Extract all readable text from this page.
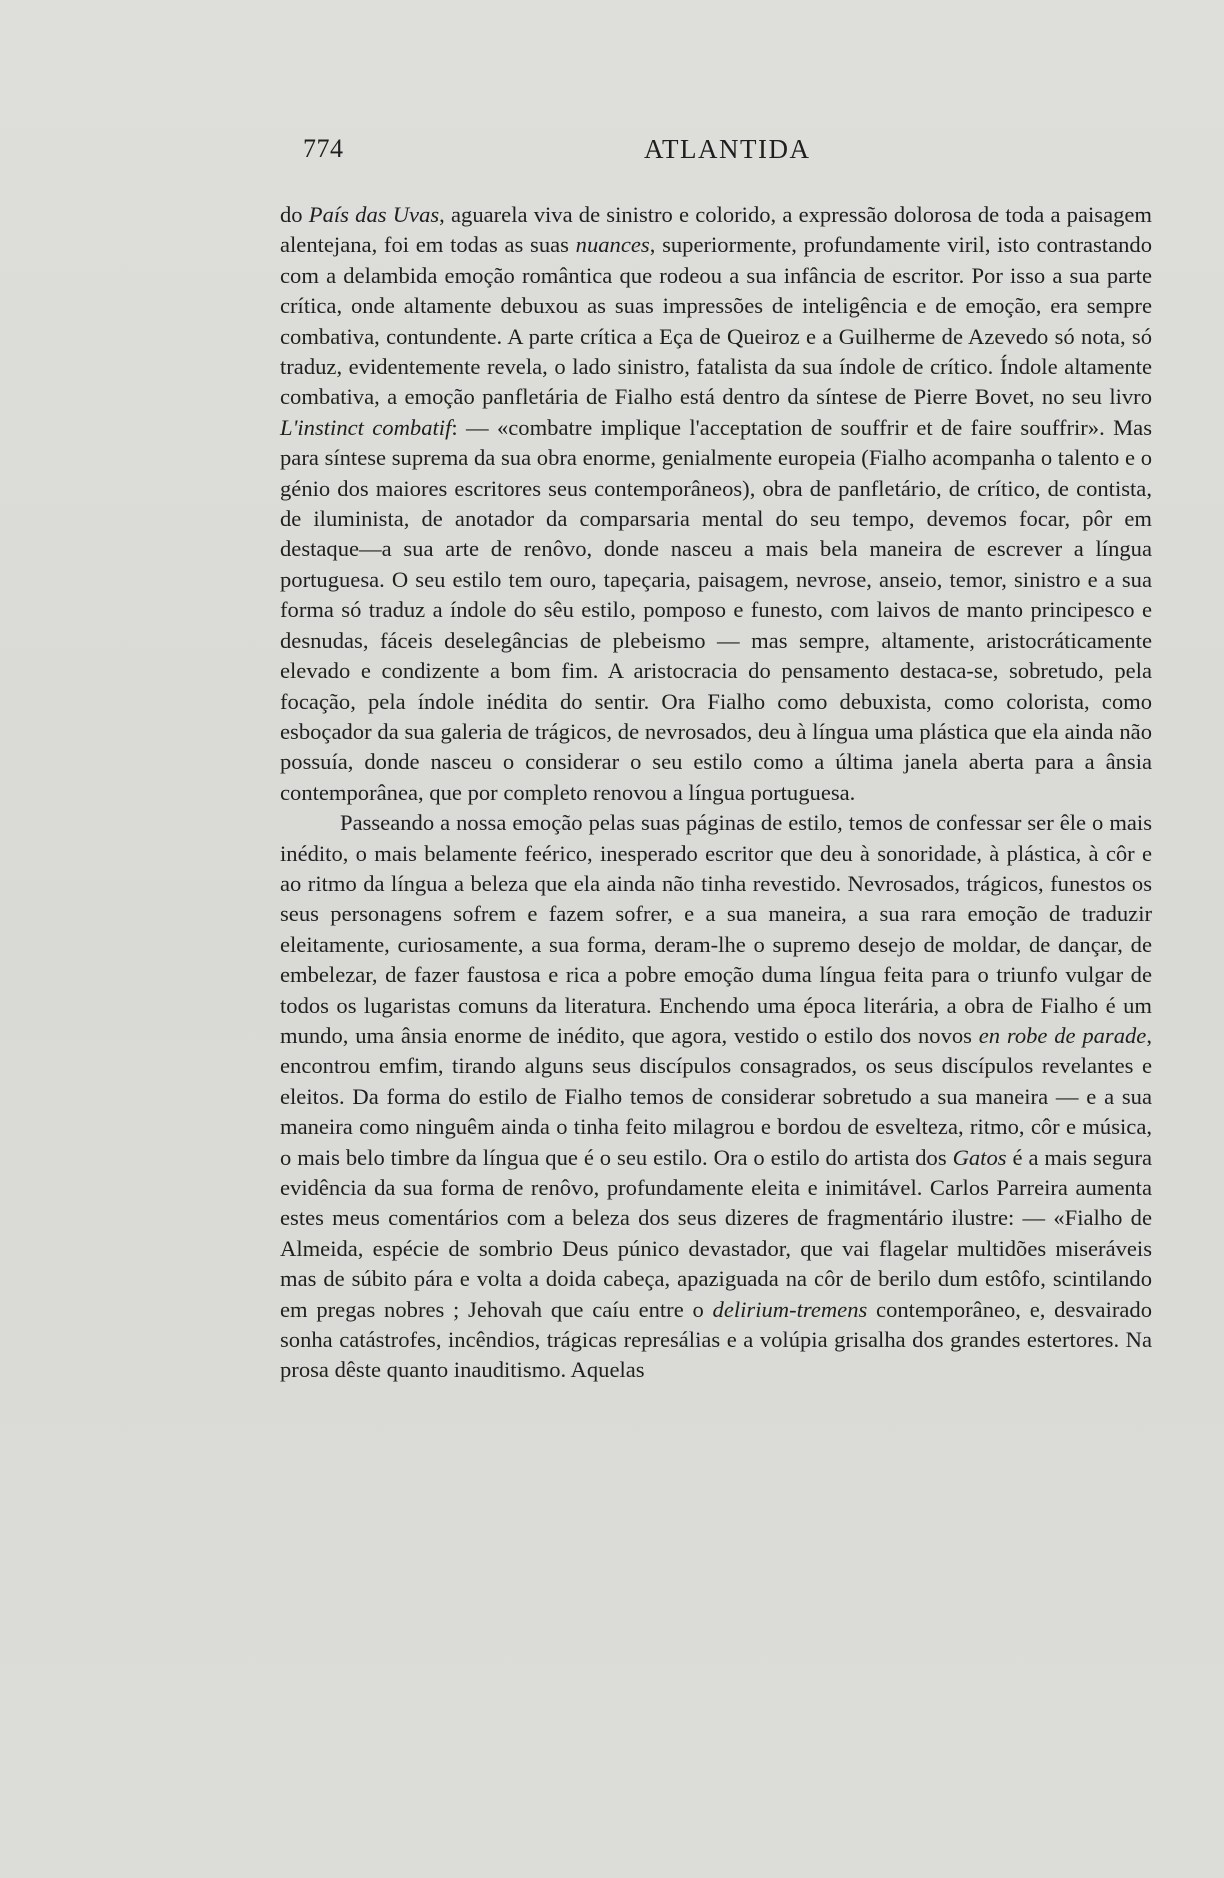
774	ATLANTIDA

do País das Uvas, aguarela viva de sinistro e colorido, a expressão dolorosa de toda a paisagem alentejana, foi em todas as suas nuances, superiormente, profundamente viril, isto contrastando com a delambida emoção romântica que rodeou a sua infância de escritor. Por isso a sua parte crítica, onde altamente debuxou as suas impressões de inteligência e de emoção, era sempre combativa, contundente. A parte crítica a Eça de Queiroz e a Guilherme de Azevedo só nota, só traduz, evidentemente revela, o lado sinistro, fatalista da sua índole de crítico. Índole altamente combativa, a emoção panfletária de Fialho está dentro da síntese de Pierre Bovet, no seu livro L'instinct combatif: — «combatre implique l'acceptation de souffrir et de faire souffrir». Mas para síntese suprema da sua obra enorme, genialmente europeia (Fialho acompanha o talento e o génio dos maiores escritores seus contemporâneos), obra de panfletário, de crítico, de contista, de iluminista, de anotador da comparsaria mental do seu tempo, devemos focar, pôr em destaque—a sua arte de renôvo, donde nasceu a mais bela maneira de escrever a língua portuguesa. O seu estilo tem ouro, tapeçaria, paisagem, nevrose, anseio, temor, sinistro e a sua forma só traduz a índole do sêu estilo, pomposo e funesto, com laivos de manto principesco e desnudas, fáceis deselegâncias de plebeismo — mas sempre, altamente, aristocráticamente elevado e condizente a bom fim. A aristocracia do pensamento destaca-se, sobretudo, pela focação, pela índole inédita do sentir. Ora Fialho como debuxista, como colorista, como esboçador da sua galeria de trágicos, de nevrosados, deu à língua uma plástica que ela ainda não possuía, donde nasceu o considerar o seu estilo como a última janela aberta para a ânsia contemporânea, que por completo renovou a língua portuguesa.

Passeando a nossa emoção pelas suas páginas de estilo, temos de confessar ser êle o mais inédito, o mais belamente feérico, inesperado escritor que deu à sonoridade, à plástica, à côr e ao ritmo da língua a beleza que ela ainda não tinha revestido. Nevrosados, trágicos, funestos os seus personagens sofrem e fazem sofrer, e a sua maneira, a sua rara emoção de traduzir eleitamente, curiosamente, a sua forma, deram-lhe o supremo desejo de moldar, de dançar, de embelezar, de fazer faustosa e rica a pobre emoção duma língua feita para o triunfo vulgar de todos os lugaristas comuns da literatura. Enchendo uma época literária, a obra de Fialho é um mundo, uma ânsia enorme de inédito, que agora, vestido o estilo dos novos en robe de parade, encontrou emfim, tirando alguns seus discípulos consagrados, os seus discípulos revelantes e eleitos. Da forma do estilo de Fialho temos de considerar sobretudo a sua maneira — e a sua maneira como ninguêm ainda o tinha feito milagrou e bordou de esvelteza, ritmo, côr e música, o mais belo timbre da língua que é o seu estilo. Ora o estilo do artista dos Gatos é a mais segura evidência da sua forma de renôvo, profundamente eleita e inimitável. Carlos Parreira aumenta estes meus comentários com a beleza dos seus dizeres de fragmentário ilustre: — «Fialho de Almeida, espécie de sombrio Deus púnico devastador, que vai flagelar multidões miseráveis mas de súbito pára e volta a doida cabeça, apaziguada na côr de berilo dum estôfo, scintilando em pregas nobres ; Jehovah que caíu entre o delirium-tremens contemporâneo, e, desvairado sonha catástrofes, incêndios, trágicas represálias e a volúpia grisalha dos grandes estertores. Na prosa dêste quanto inauditismo. Aquelas
